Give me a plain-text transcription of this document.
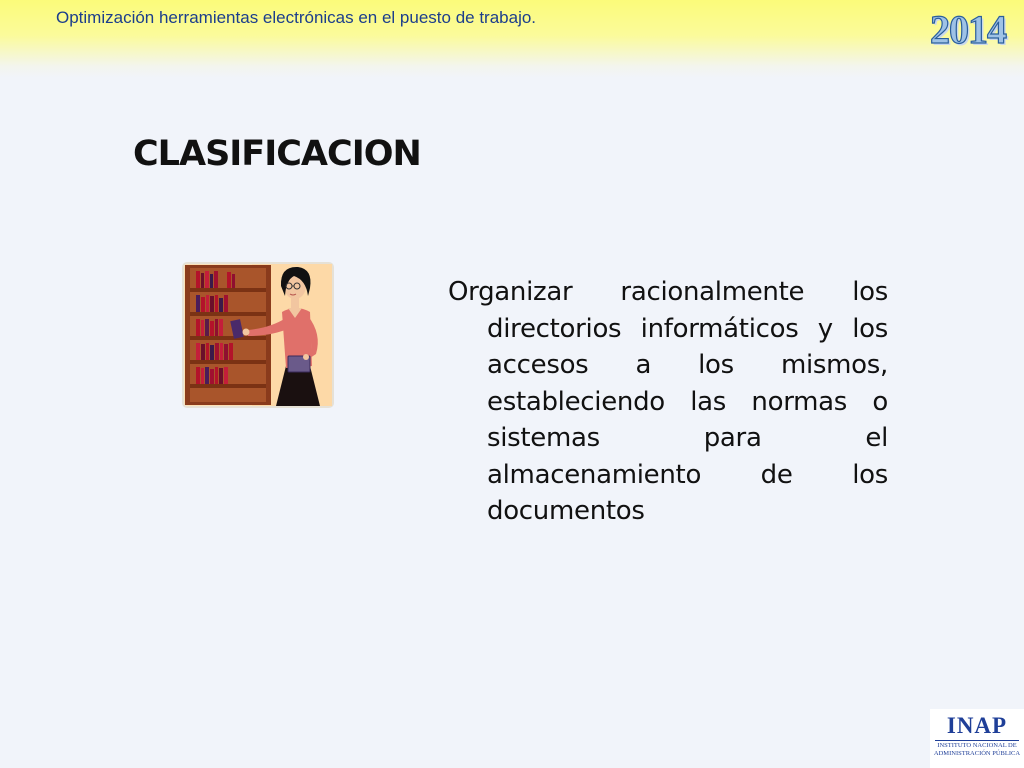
Optimización herramientas electrónicas en el puesto de trabajo.	2014
CLASIFICACION
Organizar racionalmente los directorios informáticos y los accesos a los mismos, estableciendo las normas o sistemas para el almacenamiento de los documentos
INAP
INSTITUTO NACIONAL DE
ADMINISTRACIÓN PÚBLICA
